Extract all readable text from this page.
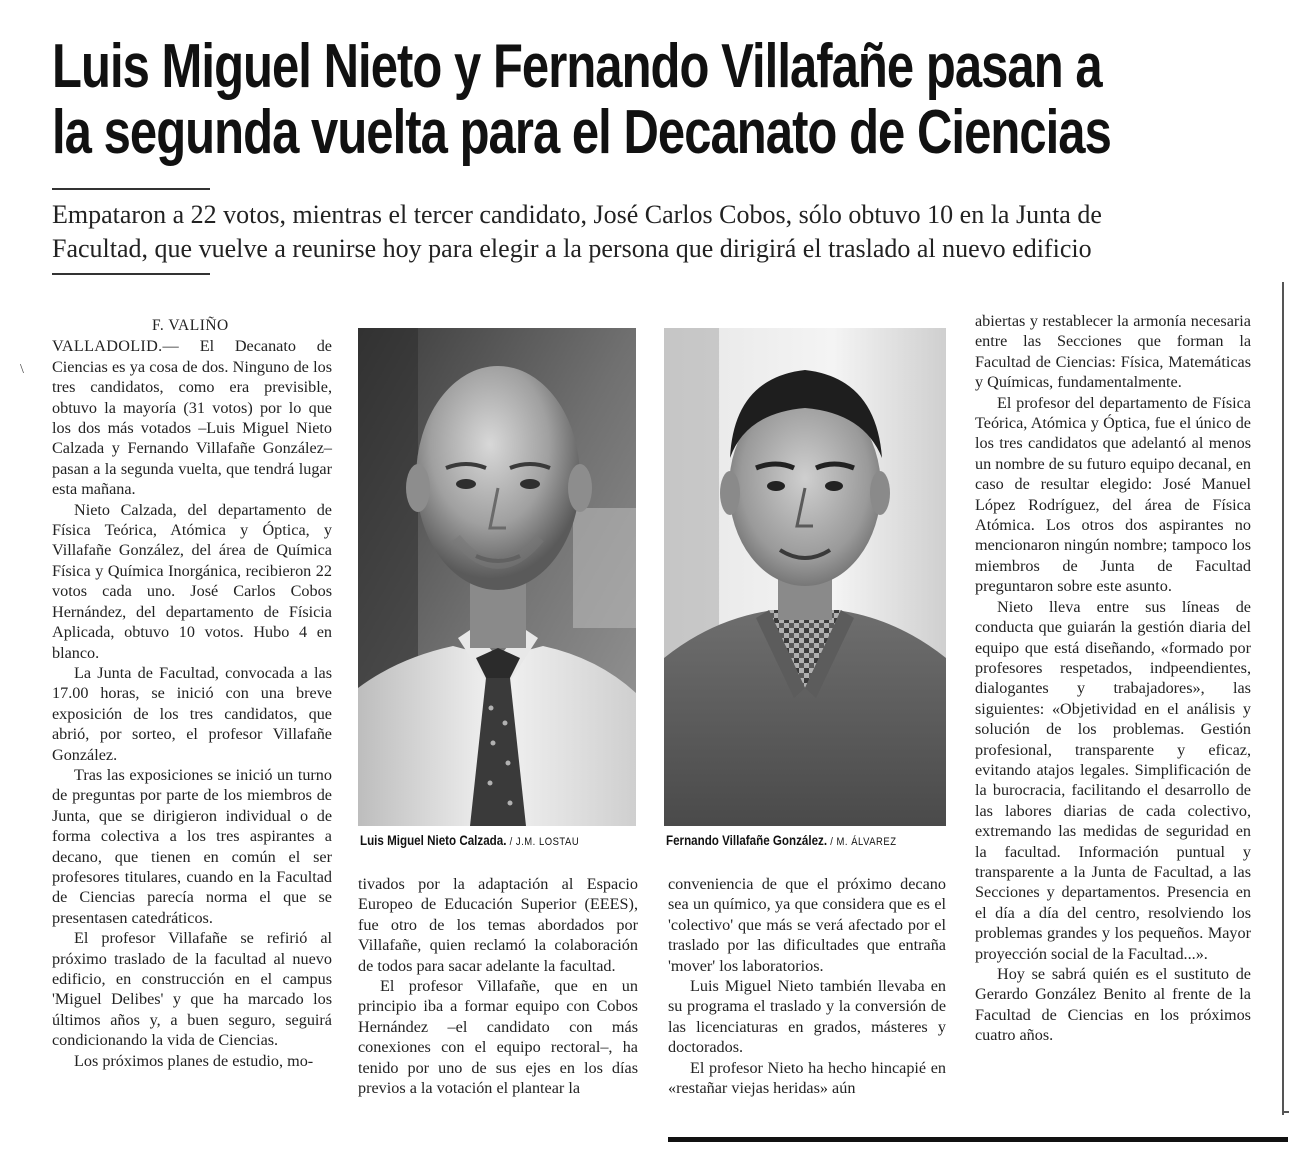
Luis Miguel Nieto y Fernando Villafañe pasan a
la segunda vuelta para el Decanato de Ciencias
Empataron a 22 votos, mientras el tercer candidato, José Carlos Cobos, sólo obtuvo 10 en la Junta de
Facultad, que vuelve a reunirse hoy para elegir a la persona que dirigirá el traslado al nuevo edificio
\

F. VALIÑO

VALLADOLID.— El Decanato de Ciencias es ya cosa de dos. Ninguno de los tres candidatos, como era previsible, obtuvo la mayoría (31 votos) por lo que los dos más votados –Luis Miguel Nieto Calzada y Fernando Villafañe González– pasan a la segunda vuelta, que tendrá lugar esta mañana.

Nieto Calzada, del departamento de Física Teórica, Atómica y Óptica, y Villafañe González, del área de Química Física y Química Inorgánica, recibieron 22 votos cada uno. José Carlos Cobos Hernández, del departamento de Físicia Aplicada, obtuvo 10 votos. Hubo 4 en blanco.

La Junta de Facultad, convocada a las 17.00 horas, se inició con una breve exposición de los tres candidatos, que abrió, por sorteo, el profesor Villafañe González.

Tras las exposiciones se inició un turno de preguntas por parte de los miembros de Junta, que se dirigieron individual o de forma colectiva a los tres aspirantes a decano, que tienen en común el ser profesores titulares, cuando en la Facultad de Ciencias parecía norma el que se presentasen catedráticos.

El profesor Villafañe se refirió al próximo traslado de la facultad al nuevo edificio, en construcción en el campus 'Miguel Delibes' y que ha marcado los últimos años y, a buen seguro, seguirá condicionando la vida de Ciencias.

Los próximos planes de estudio, mo-

Luis Miguel Nieto Calzada. / J.M. LOSTAU	Fernando Villafañe González. / M. ÁLVAREZ

tivados por la adaptación al Espacio Europeo de Educación Superior (EEES), fue otro de los temas abordados por Villafañe, quien reclamó la colaboración de todos para sacar adelante la facultad.

El profesor Villafañe, que en un principio iba a formar equipo con Cobos Hernández –el candidato con más conexiones con el equipo rectoral–, ha tenido por uno de sus ejes en los días previos a la votación el plantear la

conveniencia de que el próximo decano sea un químico, ya que considera que es el 'colectivo' que más se verá afectado por el traslado por las dificultades que entraña 'mover' los laboratorios.

Luis Miguel Nieto también llevaba en su programa el traslado y la conversión de las licenciaturas en grados, másteres y doctorados.

El profesor Nieto ha hecho hincapié en «restañar viejas heridas» aún

abiertas y restablecer la armonía necesaria entre las Secciones que forman la Facultad de Ciencias: Física, Matemáticas y Químicas, fundamentalmente.

El profesor del departamento de Física Teórica, Atómica y Óptica, fue el único de los tres candidatos que adelantó al menos un nombre de su futuro equipo decanal, en caso de resultar elegido: José Manuel López Rodríguez, del área de Física Atómica. Los otros dos aspirantes no mencionaron ningún nombre; tampoco los miembros de Junta de Facultad preguntaron sobre este asunto.

Nieto lleva entre sus líneas de conducta que guiarán la gestión diaria del equipo que está diseñando, «formado por profesores respetados, indpeendientes, dialogantes y trabajadores», las siguientes: «Objetividad en el análisis y solución de los problemas. Gestión profesional, transparente y eficaz, evitando atajos legales. Simplificación de la burocracia, facilitando el desarrollo de las labores diarias de cada colectivo, extremando las medidas de seguridad en la facultad. Información puntual y transparente a la Junta de Facultad, a las Secciones y departamentos. Presencia en el día a día del centro, resolviendo los problemas grandes y los pequeños. Mayor proyección social de la Facultad...».

Hoy se sabrá quién es el sustituto de Gerardo González Benito al frente de la Facultad de Ciencias en los próximos cuatro años.
